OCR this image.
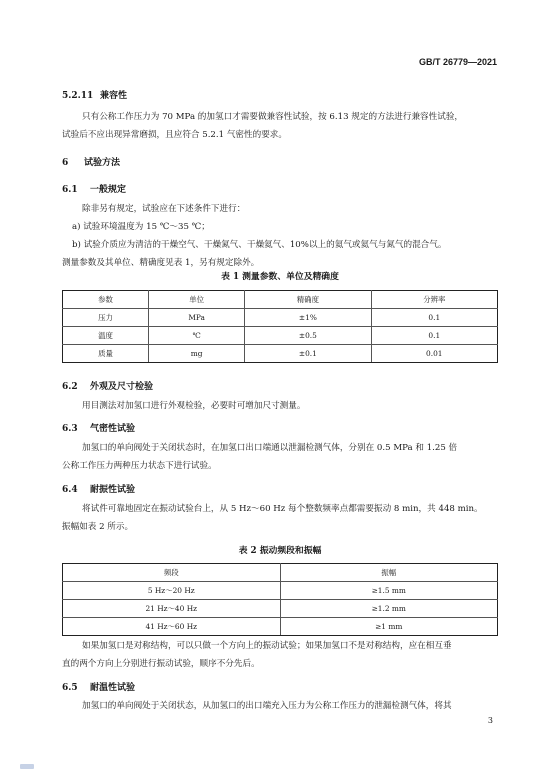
GB/T 26779—2021
5.2.11 兼容性
只有公称工作压力为 70 MPa 的加氢口才需要做兼容性试验，按 6.13 规定的方法进行兼容性试验，
试验后不应出现异常磨损，且应符合 5.2.1 气密性的要求。
6 试验方法
6.1 一般规定
除非另有规定，试验应在下述条件下进行：
a) 试验环境温度为 15 ℃～35 ℃；
b) 试验介质应为清洁的干燥空气、干燥氮气、干燥氦气、10%以上的氦气或氦气与氮气的混合气。
测量参数及其单位、精确度见表 1，另有规定除外。
表 1 测量参数、单位及精确度
参数	单位	精确度	分辨率
压力	MPa	±1%	0.1
温度	℃	±0.5	0.1
质量	mg	±0.1	0.01
6.2 外观及尺寸检验
用目测法对加氢口进行外观检验，必要时可增加尺寸测量。
6.3 气密性试验
加氢口的单向阀处于关闭状态时，在加氢口出口端通以泄漏检测气体，分别在 0.5 MPa 和 1.25 倍
公称工作压力两种压力状态下进行试验。
6.4 耐振性试验
将试件可靠地固定在振动试验台上，从 5 Hz～60 Hz 每个整数频率点都需要振动 8 min，共 448 min。
振幅如表 2 所示。
表 2 振动频段和振幅
频段	振幅
5 Hz～20 Hz	≥1.5 mm
21 Hz～40 Hz	≥1.2 mm
41 Hz～60 Hz	≥1 mm
如果加氢口是对称结构，可以只做一个方向上的振动试验；如果加氢口不是对称结构，应在相互垂
直的两个方向上分别进行振动试验，顺序不分先后。
6.5 耐温性试验
加氢口的单向阀处于关闭状态，从加氢口的出口端充入压力为公称工作压力的泄漏检测气体，将其
3
